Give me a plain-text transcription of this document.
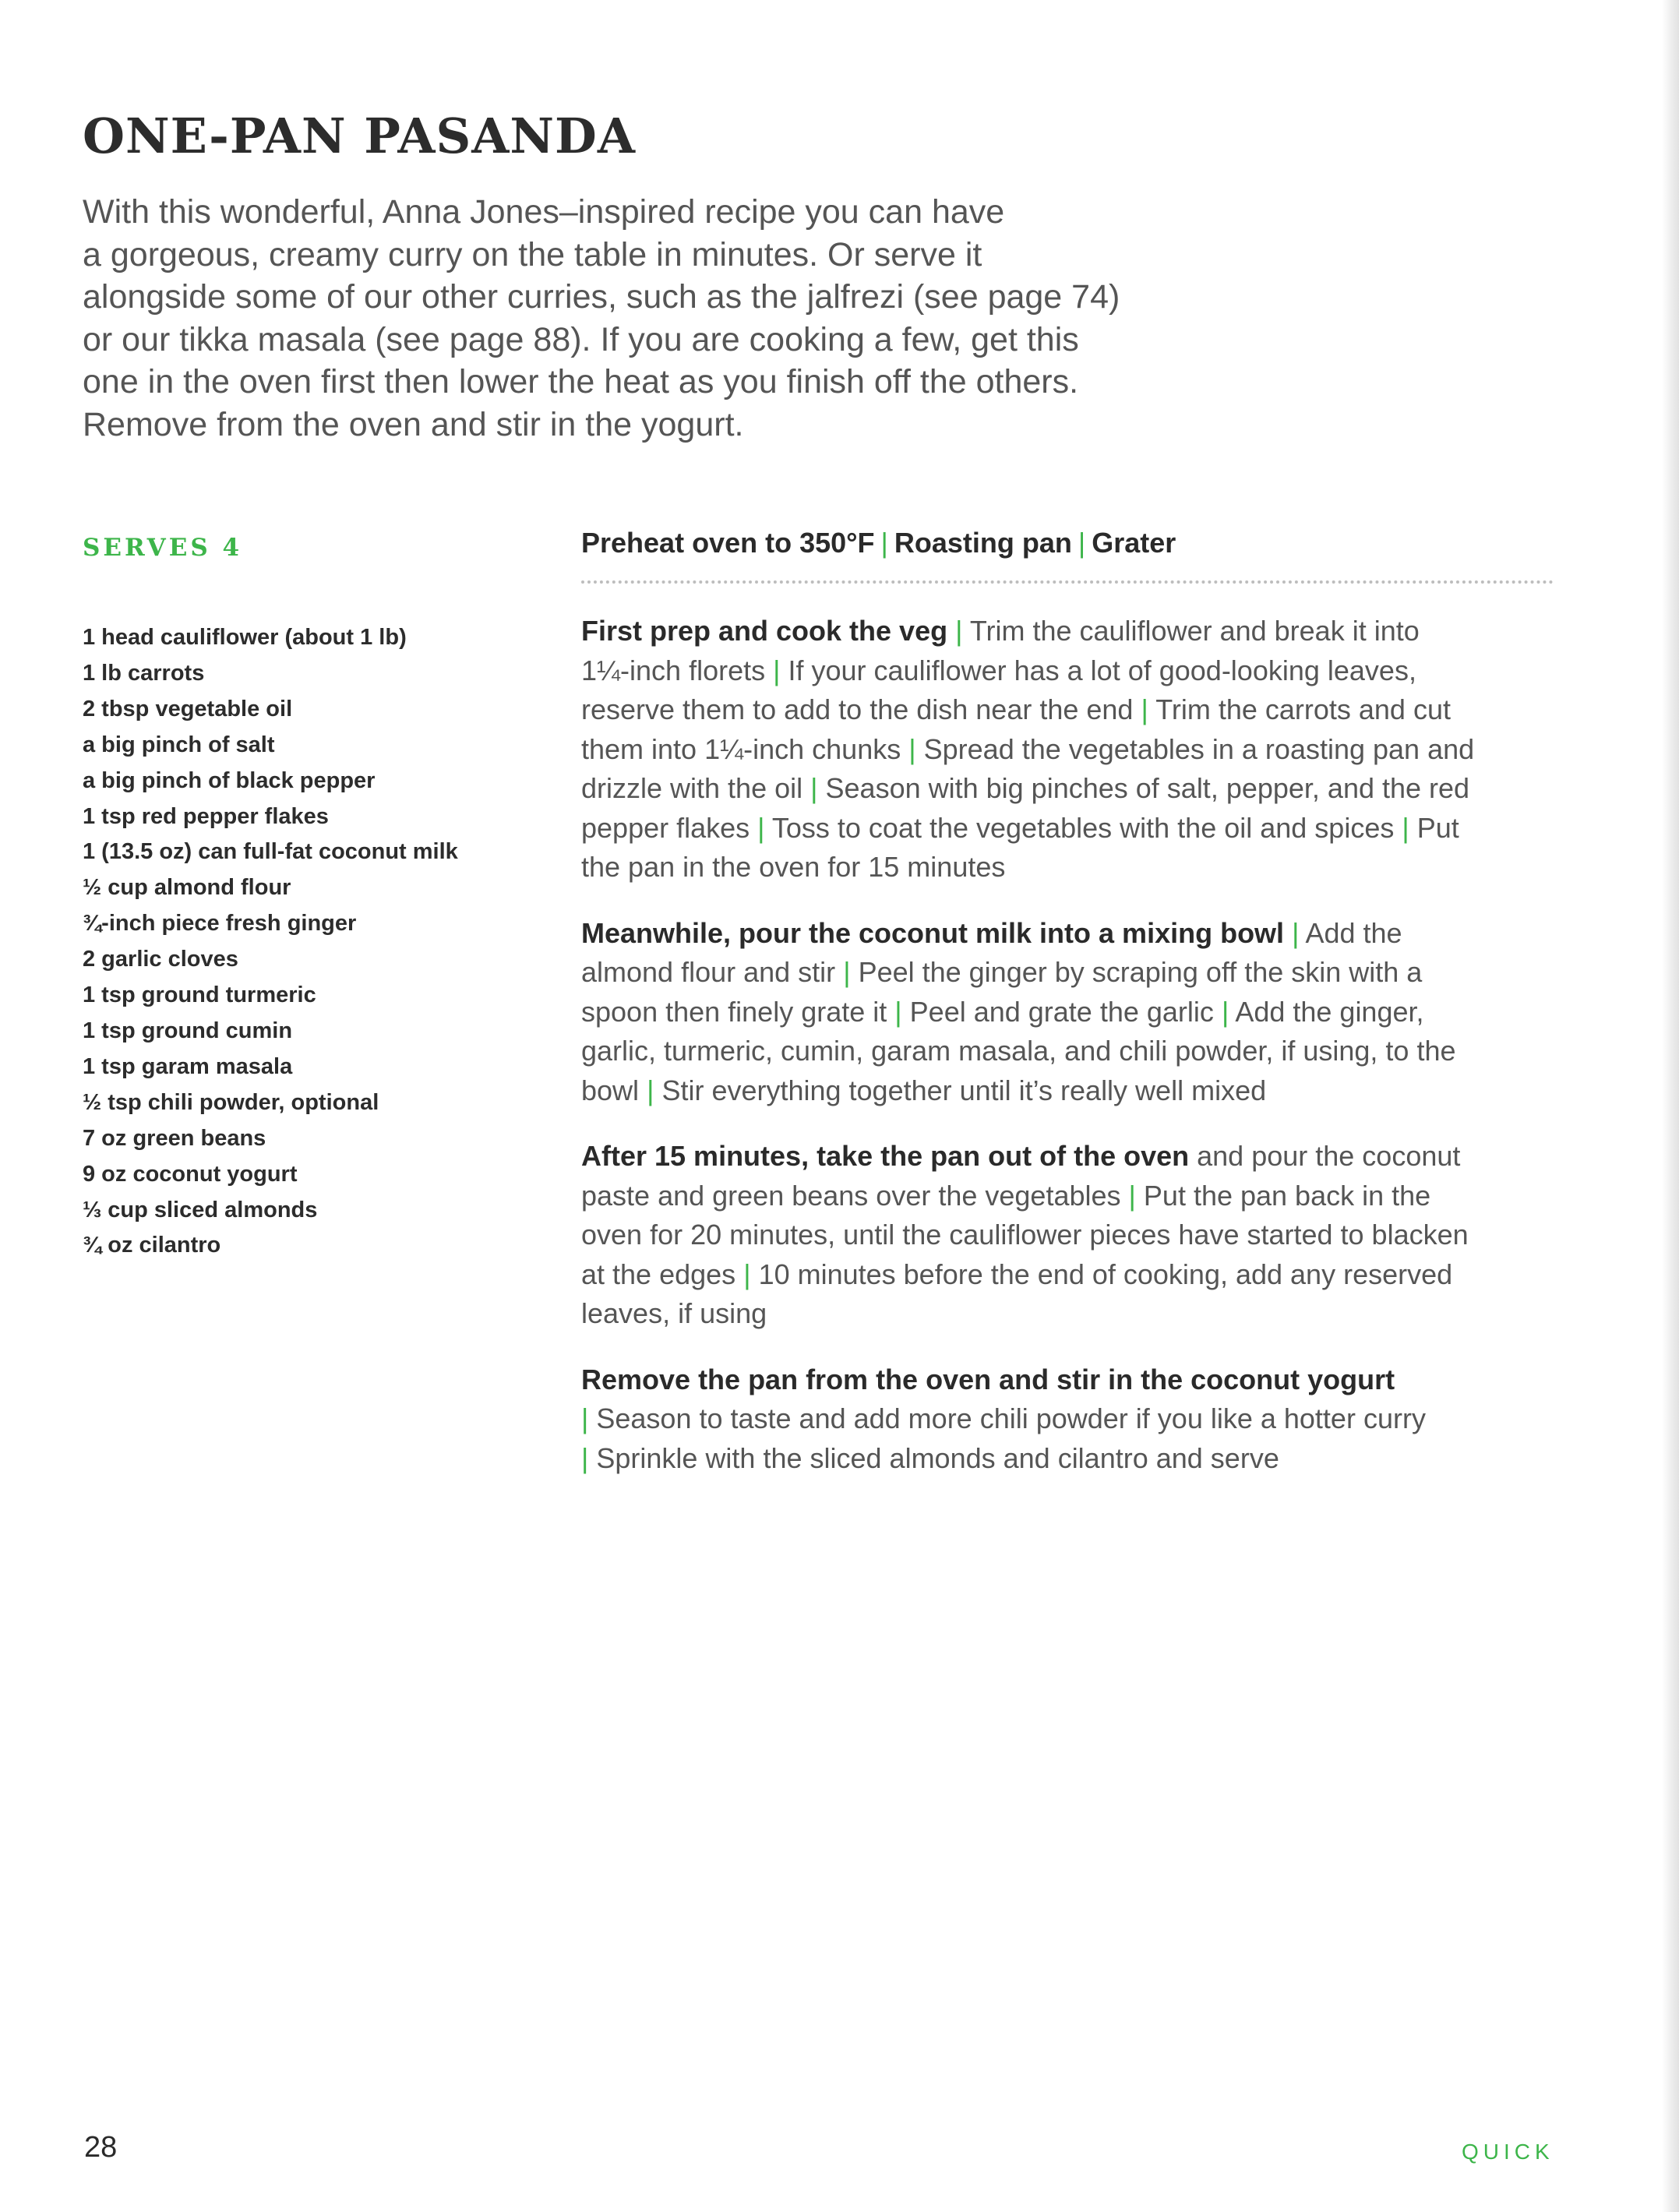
ONE-PAN PASANDA

With this wonderful, Anna Jones–inspired recipe you can have
a gorgeous, creamy curry on the table in minutes. Or serve it
alongside some of our other curries, such as the jalfrezi (see page 74)
or our tikka masala (see page 88). If you are cooking a few, get this
one in the oven first then lower the heat as you finish off the others.
Remove from the oven and stir in the yogurt.

SERVES 4
1 head cauliflower (about 1 lb)
1 lb carrots
2 tbsp vegetable oil
a big pinch of salt
a big pinch of black pepper
1 tsp red pepper flakes
1 (13.5 oz) can full-fat coconut milk
½ cup almond flour
¾-inch piece fresh ginger
2 garlic cloves
1 tsp ground turmeric
1 tsp ground cumin
1 tsp garam masala
½ tsp chili powder, optional
7 oz green beans
9 oz coconut yogurt
⅓ cup sliced almonds
¾ oz cilantro
Preheat oven to 350°F | Roasting pan | Grater

First prep and cook the veg | Trim the cauliflower and break it into
1¼-inch florets | If your cauliflower has a lot of good-looking leaves,
reserve them to add to the dish near the end | Trim the carrots and cut
them into 1¼-inch chunks | Spread the vegetables in a roasting pan and
drizzle with the oil | Season with big pinches of salt, pepper, and the red
pepper flakes | Toss to coat the vegetables with the oil and spices | Put
the pan in the oven for 15 minutes

Meanwhile, pour the coconut milk into a mixing bowl | Add the
almond flour and stir | Peel the ginger by scraping off the skin with a
spoon then finely grate it | Peel and grate the garlic | Add the ginger,
garlic, turmeric, cumin, garam masala, and chili powder, if using, to the
bowl | Stir everything together until it’s really well mixed

After 15 minutes, take the pan out of the oven and pour the coconut
paste and green beans over the vegetables | Put the pan back in the
oven for 20 minutes, until the cauliflower pieces have started to blacken
at the edges | 10 minutes before the end of cooking, add any reserved
leaves, if using

Remove the pan from the oven and stir in the coconut yogurt
| Season to taste and add more chili powder if you like a hotter curry
| Sprinkle with the sliced almonds and cilantro and serve

28	QUICK
